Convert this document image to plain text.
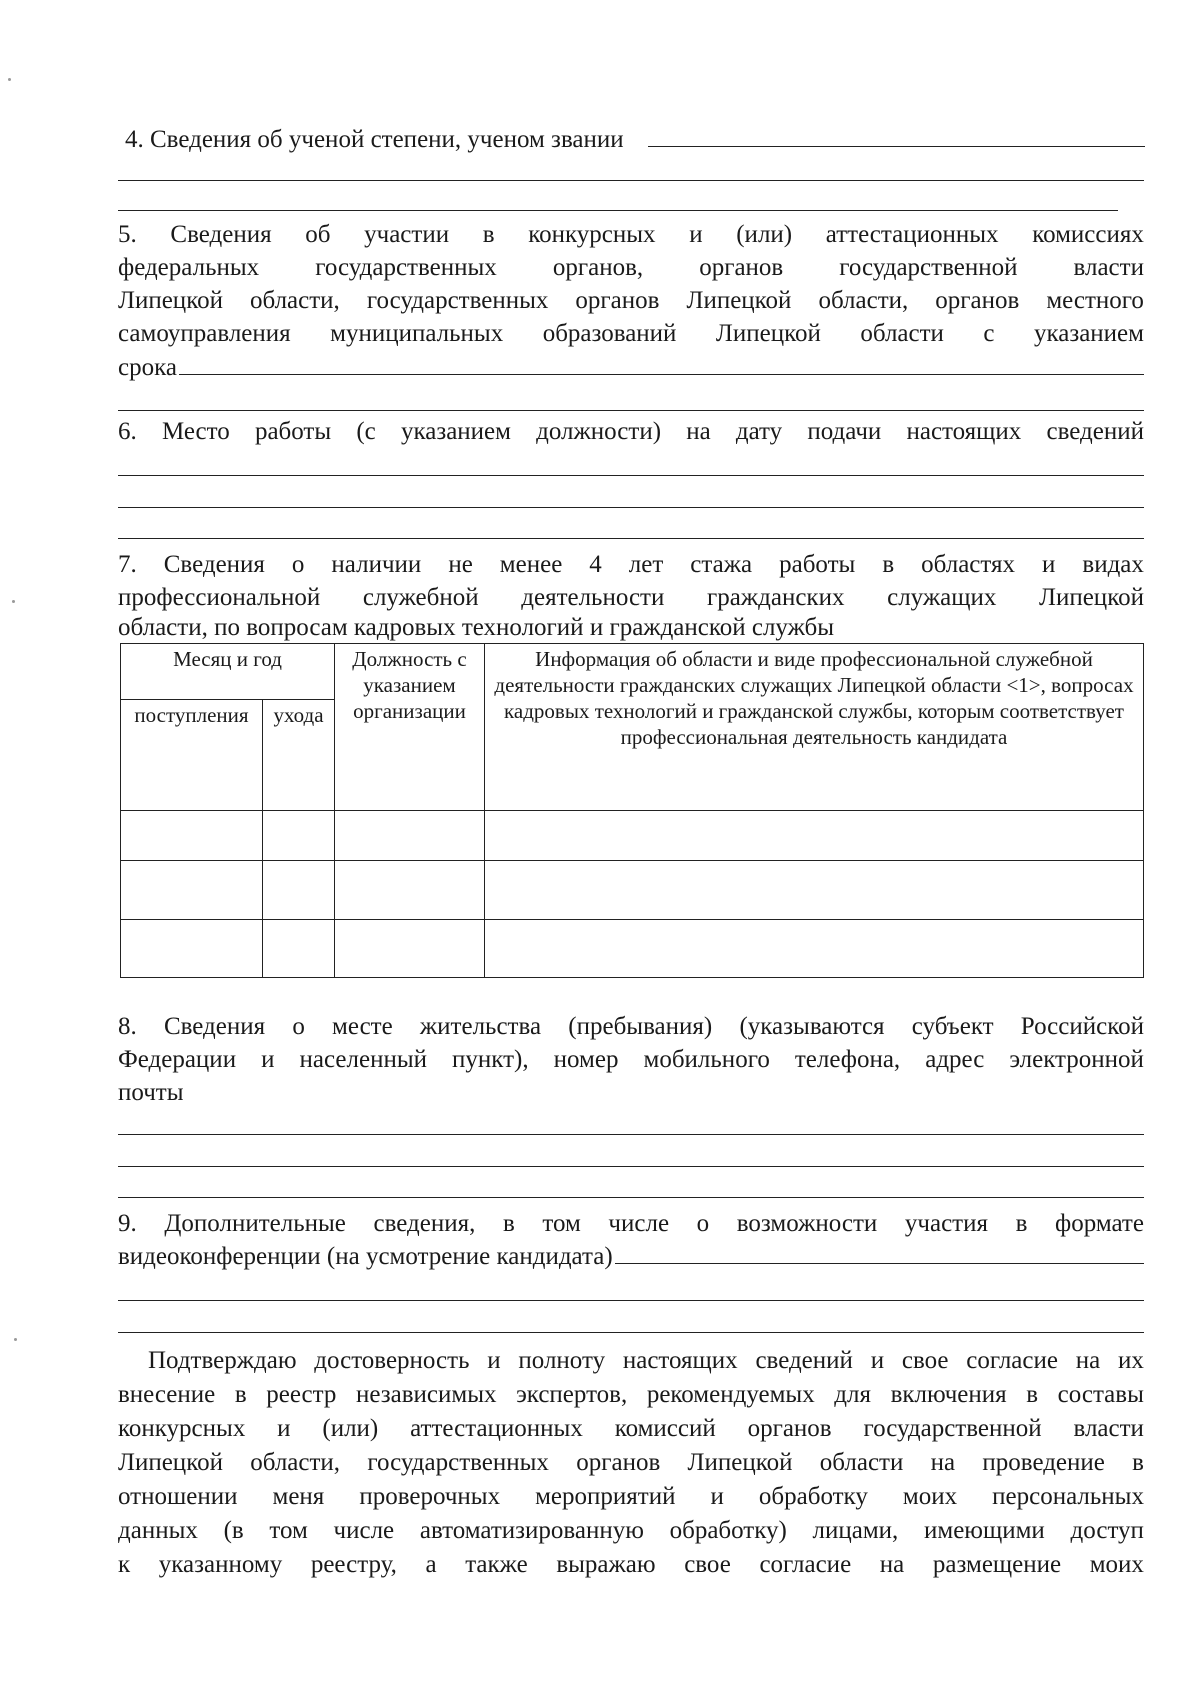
4. Сведения об ученой степени, ученом звании
5. Сведения об участии в конкурсных и (или) аттестационных комиссиях
федеральных государственных органов, органов государственной власти
Липецкой области, государственных органов Липецкой области, органов местного
самоуправления муниципальных образований Липецкой области с указанием
срока
6. Место работы (с указанием должности) на дату подачи настоящих сведений
7. Сведения о наличии не менее 4 лет стажа работы в областях и видах
профессиональной служебной деятельности гражданских служащих Липецкой
области, по вопросам кадровых технологий и гражданской службы
Месяц и год		Должность с указанием организации	Информация об области и виде профессиональной служебной деятельности гражданских служащих Липецкой области <1>, вопросах кадровых технологий и гражданской службы, которым соответствует профессиональная деятельность кандидата
поступления	ухода		

8. Сведения о месте жительства (пребывания) (указываются субъект Российской
Федерации и населенный пункт), номер мобильного телефона, адрес электронной
почты
9. Дополнительные сведения, в том числе о возможности участия в формате
видеоконференции (на усмотрение кандидата)
Подтверждаю достоверность и полноту настоящих сведений и свое согласие на их
внесение в реестр независимых экспертов, рекомендуемых для включения в составы
конкурсных и (или) аттестационных комиссий органов государственной власти
Липецкой области, государственных органов Липецкой области на проведение в
отношении меня проверочных мероприятий и обработку моих персональных
данных (в том числе автоматизированную обработку) лицами, имеющими доступ
к указанному реестру, а также выражаю свое согласие на размещение моих
